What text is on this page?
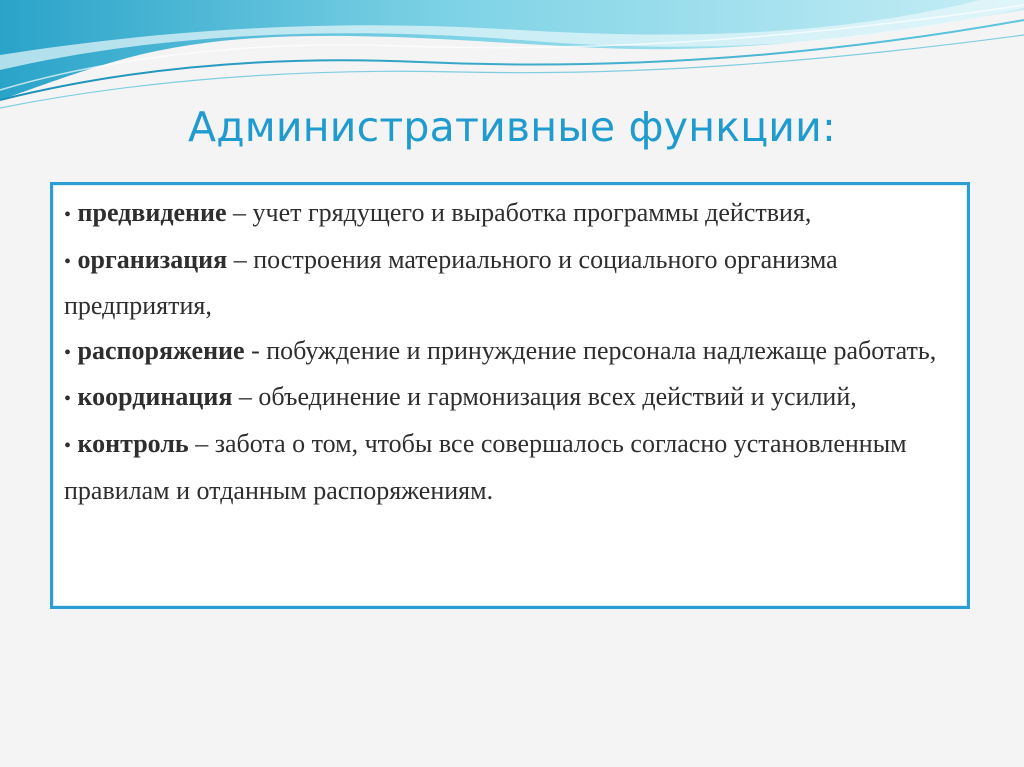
Административные функции:

• предвидение – учет грядущего и выработка программы действия,

• организация – построения материального и социального организма предприятия,

• распоряжение - побуждение и принуждение персонала надлежаще работать,

• координация – объединение и гармонизация всех действий и усилий,

• контроль – забота о том, чтобы все совершалось согласно установленным правилам и отданным распоряжениям.
